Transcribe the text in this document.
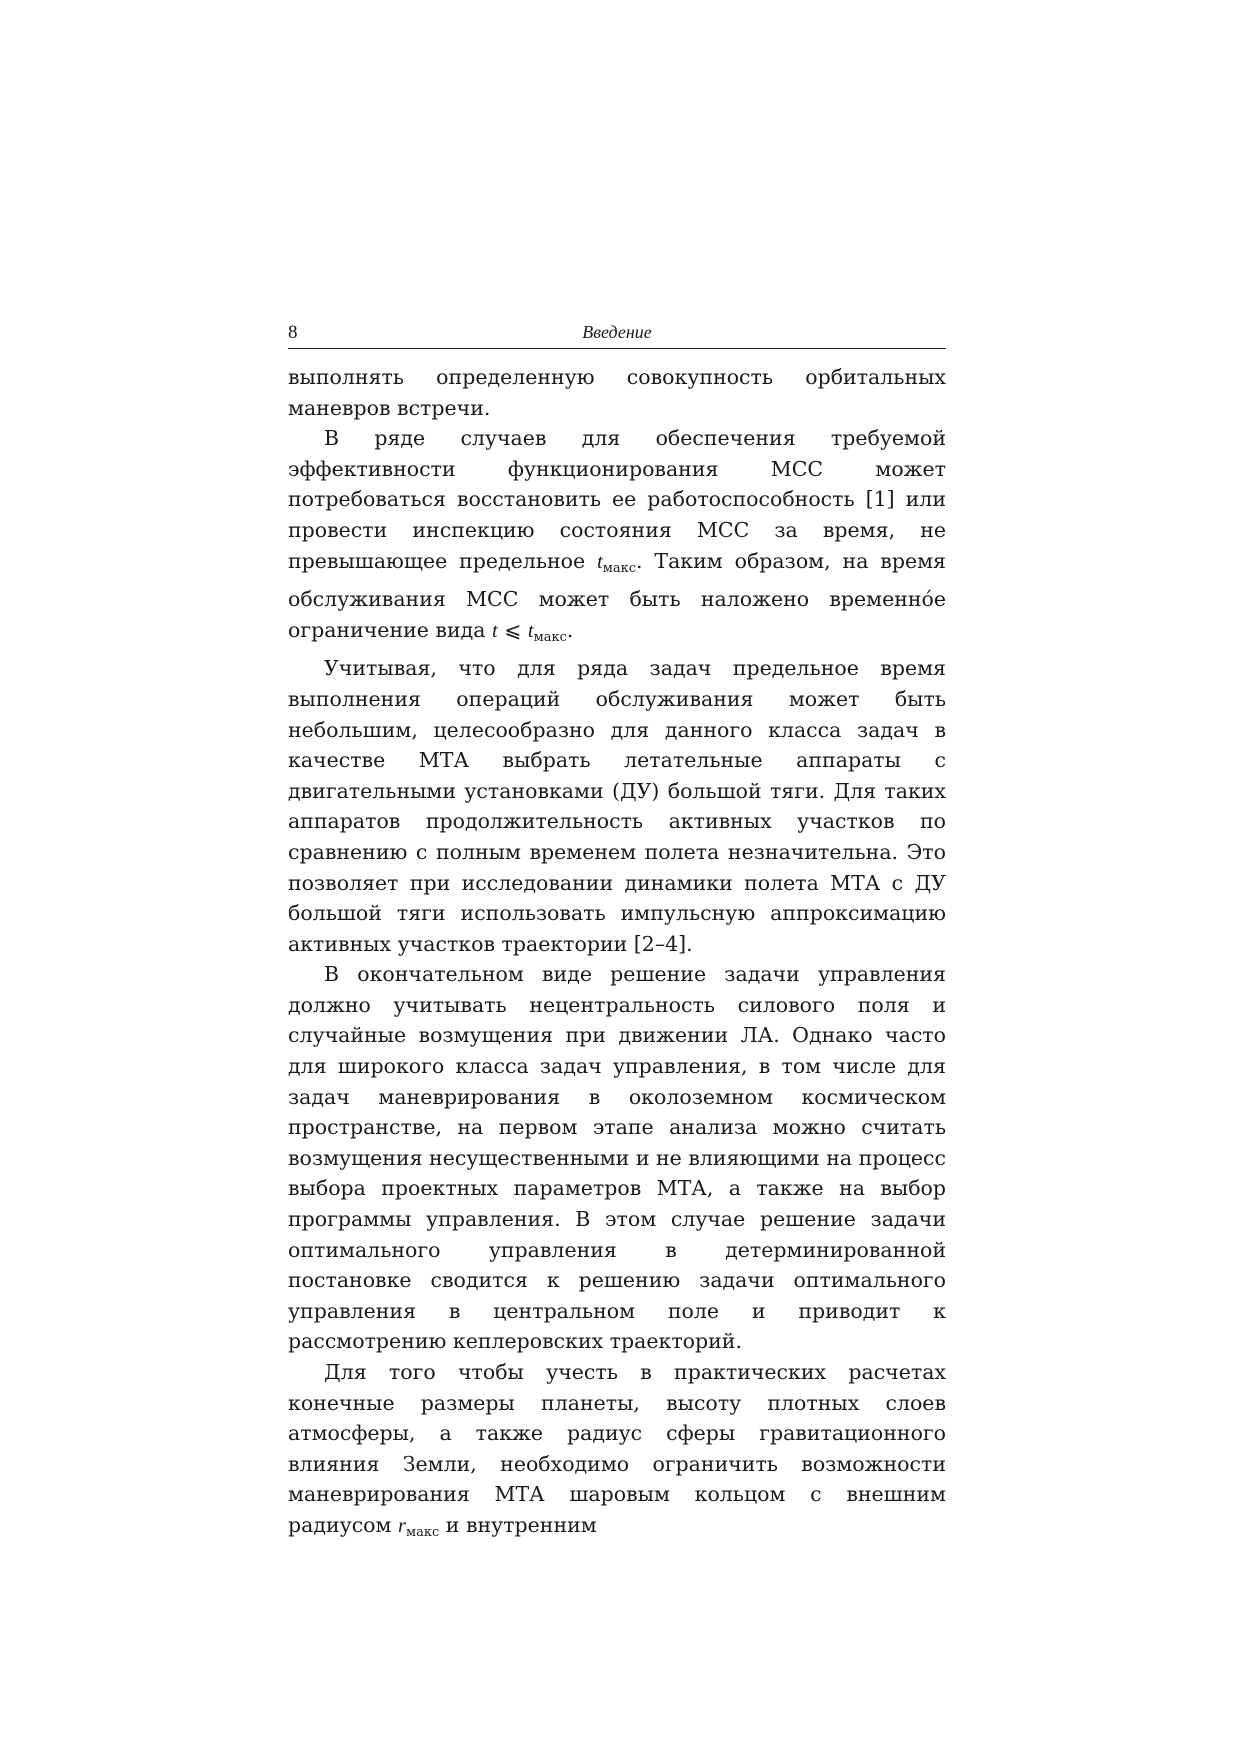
8	Введение

выполнять определенную совокупность орбитальных маневров встречи.

В ряде случаев для обеспечения требуемой эффективности функционирования МСС может потребоваться восстановить ее работоспособность [1] или провести инспекцию состояния МСС за время, не превышающее предельное tмакс. Таким образом, на время обслуживания МСС может быть наложено временно́е ограничение вида t ⩽ tмакс.

Учитывая, что для ряда задач предельное время выполнения операций обслуживания может быть небольшим, целесообразно для данного класса задач в качестве МТА выбрать летательные аппараты с двигательными установками (ДУ) большой тяги. Для таких аппаратов продолжительность активных участков по сравнению с полным временем полета незначительна. Это позволяет при исследовании динамики полета МТА с ДУ большой тяги использовать импульсную аппроксимацию активных участков траектории [2–4].

В окончательном виде решение задачи управления должно учитывать нецентральность силового поля и случайные возмущения при движении ЛА. Однако часто для широкого класса задач управления, в том числе для задач маневрирования в околоземном космическом пространстве, на первом этапе анализа можно считать возмущения несущественными и не влияющими на процесс выбора проектных параметров МТА, а также на выбор программы управления. В этом случае решение задачи оптимального управления в детерминированной постановке сводится к решению задачи оптимального управления в центральном поле и приводит к рассмотрению кеплеровских траекторий.

Для того чтобы учесть в практических расчетах конечные размеры планеты, высоту плотных слоев атмосферы, а также радиус сферы гравитационного влияния Земли, необходимо ограничить возможности маневрирования МТА шаровым кольцом с внешним радиусом rмакс и внутренним
